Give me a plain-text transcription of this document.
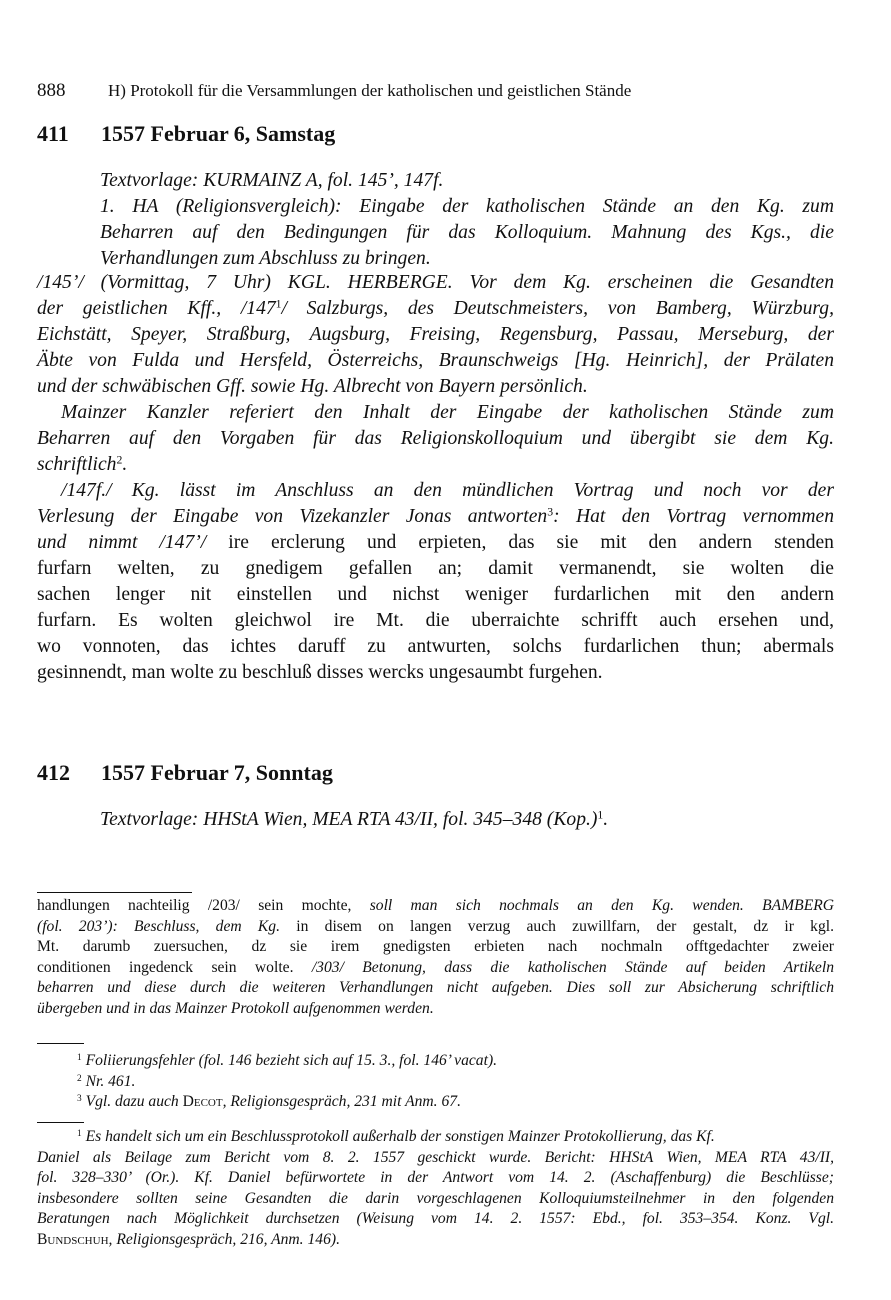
888	H) Protokoll für die Versammlungen der katholischen und geistlichen Stände
411 1557 Februar 6, Samstag
Textvorlage: KURMAINZ A, fol. 145’, 147f.
1. HA (Religionsvergleich): Eingabe der katholischen Stände an den Kg. zum
Beharren auf den Bedingungen für das Kolloquium. Mahnung des Kgs., die
Verhandlungen zum Abschluss zu bringen.
/145’/ (Vormittag, 7 Uhr) KGL. HERBERGE. Vor dem Kg. erscheinen die Gesandten
der geistlichen Kff., $/147^1/$ Salzburgs, des Deutschmeisters, von Bamberg, Würzburg,
Eichstätt, Speyer, Straßburg, Augsburg, Freising, Regensburg, Passau, Merseburg, der
Äbte von Fulda und Hersfeld, Österreichs, Braunschweigs [Hg. Heinrich], der Prälaten
und der schwäbischen Gff. sowie Hg. Albrecht von Bayern persönlich.
Mainzer Kanzler referiert den Inhalt der Eingabe der katholischen Stände zum
Beharren auf den Vorgaben für das Religionskolloquium und übergibt sie dem Kg.
schriftlich$^2$.
/147f./ Kg. lässt im Anschluss an den mündlichen Vortrag und noch vor der
Verlesung der Eingabe von Vizekanzler Jonas antworten$^3$: Hat den Vortrag vernommen
und nimmt /147’/ ire erclerung und erpieten, das sie mit den andern stenden
furfarn welten, zu gnedigem gefallen an; damit vermanendt, sie wolten die
sachen lenger nit einstellen und nichst weniger furdarlichen mit den andern
furfarn. Es wolten gleichwol ire Mt. die uberraichte schrifft auch ersehen und,
wo vonnoten, das ichtes daruff zu antwurten, solchs furdarlichen thun; abermals
gesinnendt, man wolte zu beschluß disses wercks ungesaumbt furgehen.
412 1557 Februar 7, Sonntag
Textvorlage: HHStA Wien, MEA RTA 43/II, fol. 345–348 $(Kop.)^1$.
handlungen nachteilig /203/ sein mochte, soll man sich nochmals an den Kg. wenden. BAMBERG
(fol. 203’): Beschluss, dem Kg. in disem on langen verzug auch zuwillfarn, der gestalt, dz ir kgl.
Mt. darumb zuersuchen, dz sie irem gnedigsten erbieten nach nochmaln offtgedachter zweier
conditionen ingedenck sein wolte. /303/ Betonung, dass die katholischen Stände auf beiden Artikeln
beharren und diese durch die weiteren Verhandlungen nicht aufgeben. Dies soll zur Absicherung schriftlich
übergeben und in das Mainzer Protokoll aufgenommen werden.
$^1$ Foliierungsfehler (fol. 146 bezieht sich auf 15. 3., fol. 146’ vacat).
$^2$ Nr. 461.
$^3$ Vgl. dazu auch Decot, Religionsgespräch, 231 mit Anm. 67.
$^1$ Es handelt sich um ein Beschlussprotokoll außerhalb der sonstigen Mainzer Protokollierung, das Kf.
Daniel als Beilage zum Bericht vom 8. 2. 1557 geschickt wurde. Bericht: HHStA Wien, MEA RTA 43/II,
fol. 328–330’ (Or.). Kf. Daniel befürwortete in der Antwort vom 14. 2. (Aschaffenburg) die Beschlüsse;
insbesondere sollten seine Gesandten die darin vorgeschlagenen Kolloquiumsteilnehmer in den folgenden
Beratungen nach Möglichkeit durchsetzen (Weisung vom 14. 2. 1557: Ebd., fol. 353–354. Konz. Vgl.
Bundschuh, Religionsgespräch, 216, Anm. 146).
